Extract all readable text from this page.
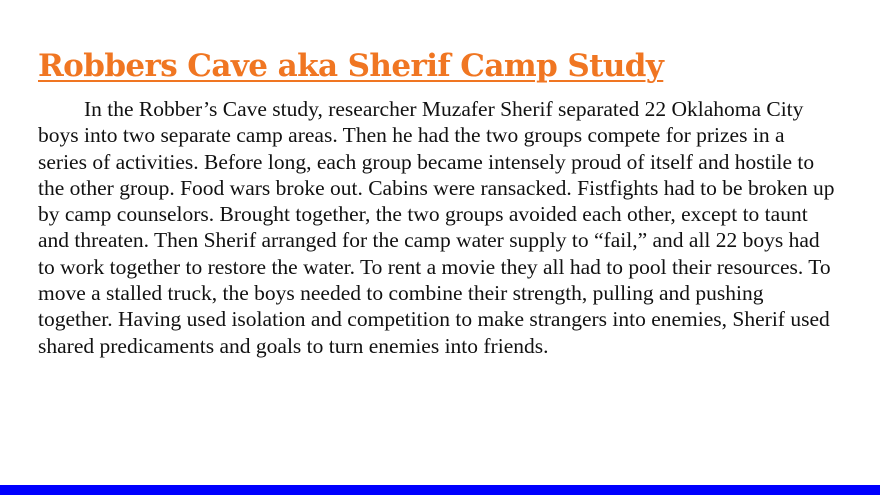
Robbers Cave aka Sherif Camp Study

In the Robber’s Cave study, researcher Muzafer Sherif separated 22 Oklahoma City boys into two separate camp areas. Then he had the two groups compete for prizes in a series of activities. Before long, each group became intensely proud of itself and hostile to the other group. Food wars broke out. Cabins were ransacked. Fistfights had to be broken up by camp counselors. Brought together, the two groups avoided each other, except to taunt and threaten. Then Sherif arranged for the camp water supply to “fail,” and all 22 boys had to work together to restore the water. To rent a movie they all had to pool their resources. To move a stalled truck, the boys needed to combine their strength, pulling and pushing together. Having used isolation and competition to make strangers into enemies, Sherif used shared predicaments and goals to turn enemies into friends.
